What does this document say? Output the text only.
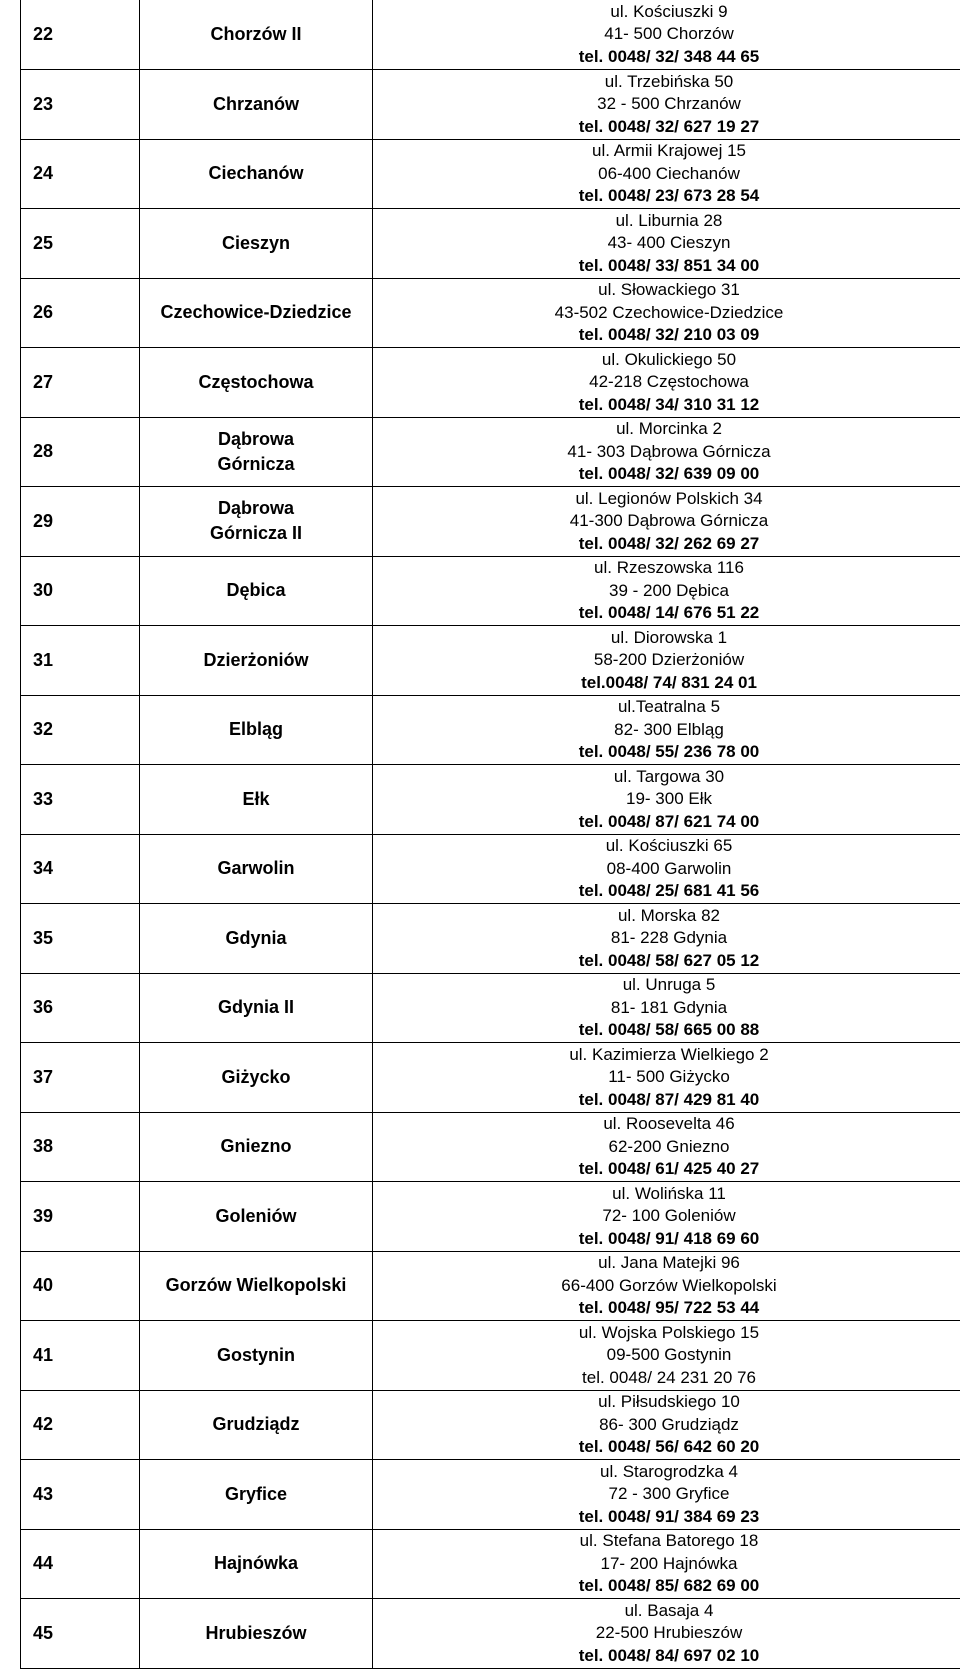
22	Chorzów II	ul. Kościuszki 9
41- 500 Chorzów
tel. 0048/ 32/ 348 44 65

23	Chrzanów	ul. Trzebińska 50
32 - 500 Chrzanów
tel. 0048/ 32/ 627 19 27

24	Ciechanów	ul. Armii Krajowej 15
06-400 Ciechanów
tel. 0048/ 23/ 673 28 54

25	Cieszyn	ul. Liburnia 28
43- 400 Cieszyn
tel. 0048/ 33/ 851 34 00

26	Czechowice-Dziedzice	ul. Słowackiego 31
43-502 Czechowice-Dziedzice
tel. 0048/ 32/ 210 03 09

27	Częstochowa	ul. Okulickiego 50
42-218 Częstochowa
tel. 0048/ 34/ 310 31 12

28	Dąbrowa
Górnicza	ul. Morcinka 2
41- 303 Dąbrowa Górnicza
tel. 0048/ 32/ 639 09 00

29	Dąbrowa
Górnicza II	ul. Legionów Polskich 34
41-300 Dąbrowa Górnicza
tel. 0048/ 32/ 262 69 27

30	Dębica	ul. Rzeszowska 116
39 - 200 Dębica
tel. 0048/ 14/ 676 51 22

31	Dzierżoniów	ul. Diorowska 1
58-200 Dzierżoniów
tel.0048/ 74/ 831 24 01

32	Elbląg	ul.Teatralna 5
82- 300 Elbląg
tel. 0048/ 55/ 236 78 00

33	Ełk	ul. Targowa 30
19- 300 Ełk
tel. 0048/ 87/ 621 74 00

34	Garwolin	ul. Kościuszki 65
08-400 Garwolin
tel. 0048/ 25/ 681 41 56

35	Gdynia	ul. Morska 82
81- 228 Gdynia
tel. 0048/ 58/ 627 05 12

36	Gdynia II	ul. Unruga 5
81- 181 Gdynia
tel. 0048/ 58/ 665 00 88

37	Giżycko	ul. Kazimierza Wielkiego 2
11- 500 Giżycko
tel. 0048/ 87/ 429 81 40

38	Gniezno	ul. Roosevelta 46
62-200 Gniezno
tel. 0048/ 61/ 425 40 27

39	Goleniów	ul. Wolińska 11
72- 100 Goleniów
tel. 0048/ 91/ 418 69 60

40	Gorzów Wielkopolski	ul. Jana Matejki 96
66-400 Gorzów Wielkopolski
tel. 0048/ 95/ 722 53 44

41	Gostynin	ul. Wojska Polskiego 15
09-500 Gostynin
tel. 0048/ 24 231 20 76

42	Grudziądz	ul. Piłsudskiego 10
86- 300 Grudziądz
tel. 0048/ 56/ 642 60 20

43	Gryfice	ul. Starogrodzka 4
72 - 300 Gryfice
tel. 0048/ 91/ 384 69 23

44	Hajnówka	ul. Stefana Batorego 18
17- 200 Hajnówka
tel. 0048/ 85/ 682 69 00

45	Hrubieszów	ul. Basaja 4
22-500 Hrubieszów
tel. 0048/ 84/ 697 02 10
